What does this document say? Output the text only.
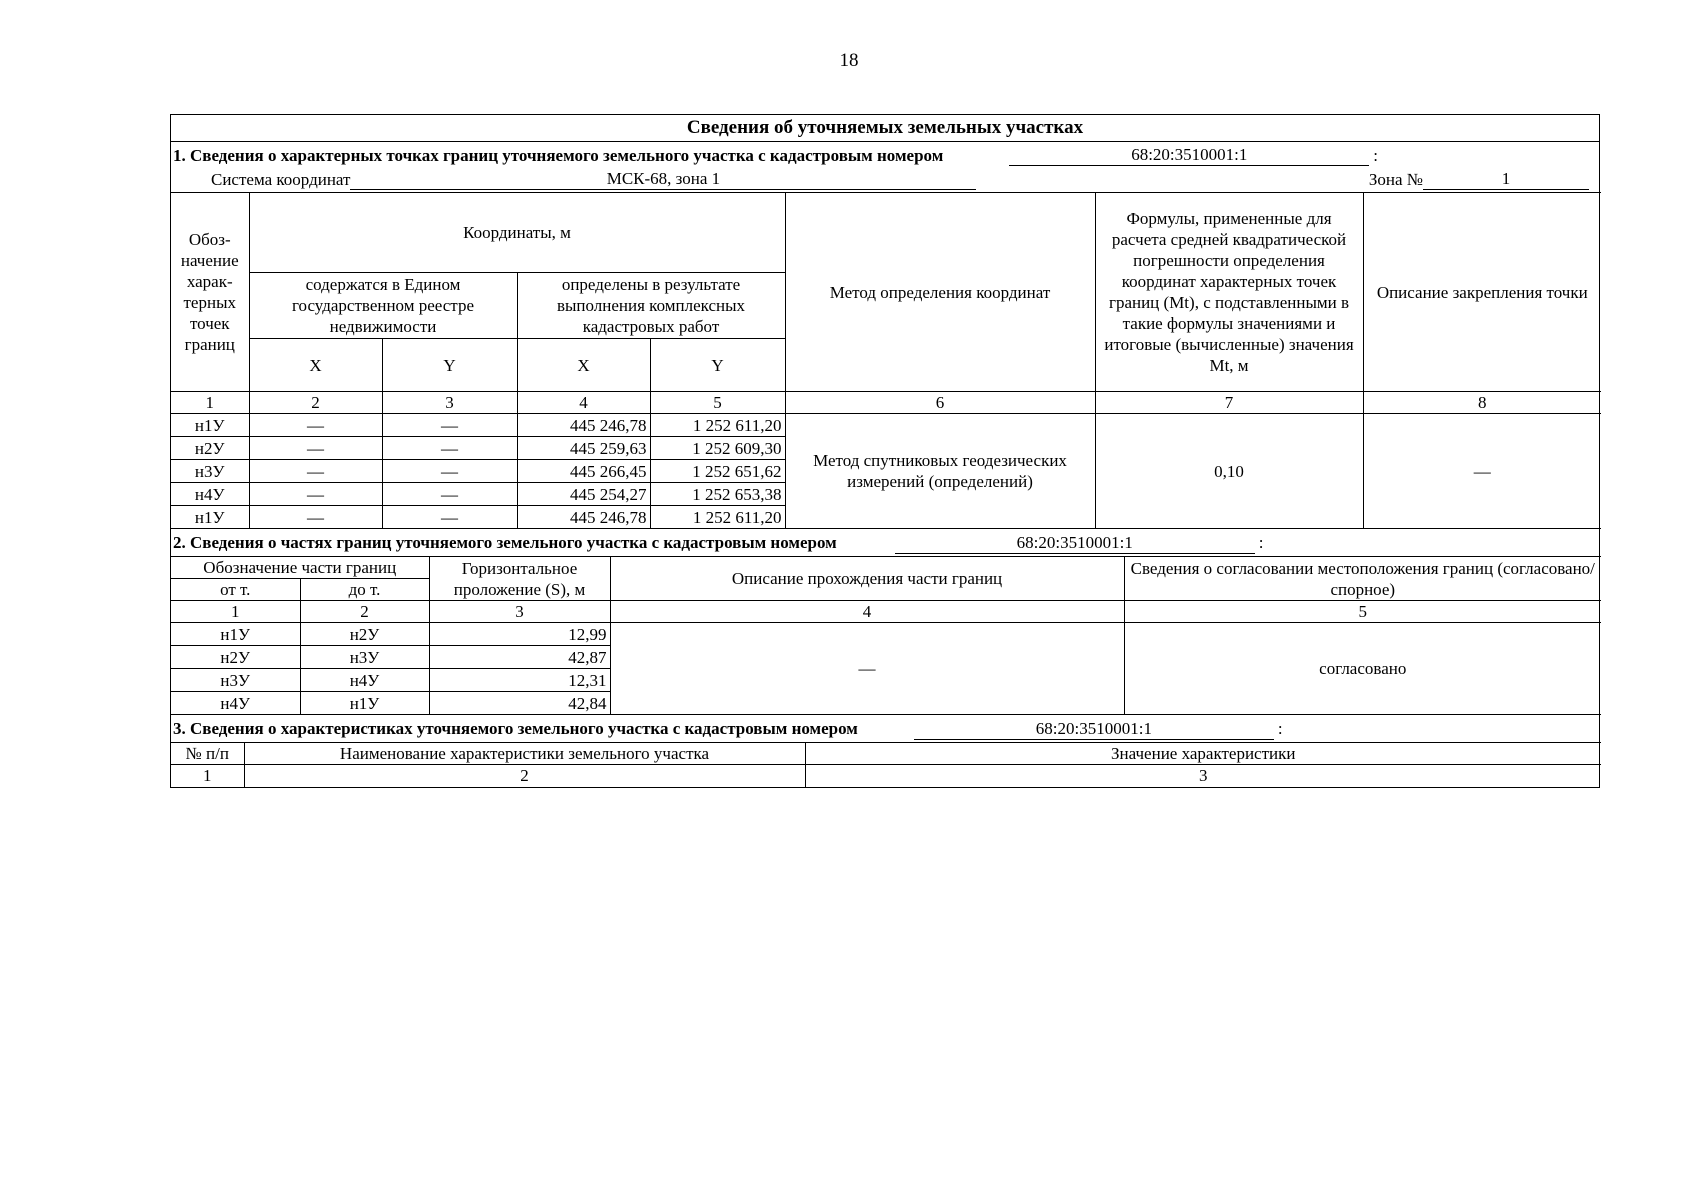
18
Сведения об уточняемых земельных участках
1. Сведения о характерных точках границ уточняемого земельного участка с кадастровым номером	68:20:3510001:1	:
Система координат	МСК-68, зона 1	Зона №	1
Обоз-начение харак-терных точек границ	Координаты, м				Метод определения координат	Формулы, примененные для расчета средней квадратической погрешности определения координат характерных точек границ (Mt), с подставленными в такие формулы значениями и итоговые (вычисленные) значения Mt, м	Описание закрепления точки
	содержатся в Едином государственном реестре недвижимости		определены в результате выполнения комплексных кадастровых работ				
	X	Y	X	Y			
1	2	3	4	5	6	7	8
н1У	—	—	445 246,78	1 252 611,20	Метод спутниковых геодезических измерений (определений)	0,10	—
н2У	—	—	445 259,63	1 252 609,30			
н3У	—	—	445 266,45	1 252 651,62			
н4У	—	—	445 254,27	1 252 653,38			
н1У	—	—	445 246,78	1 252 611,20			
2. Сведения о частях границ уточняемого земельного участка с кадастровым номером	68:20:3510001:1	:
Обозначение части границ		Горизонтальное проложение (S), м	Описание прохождения части границ	Сведения о согласовании местоположения границ (согласовано/спорное)
от т.	до т.			
1	2	3	4	5
н1У	н2У	12,99	—	согласовано
н2У	н3У	42,87		
н3У	н4У	12,31		
н4У	н1У	42,84		
3. Сведения о характеристиках уточняемого земельного участка с кадастровым номером	68:20:3510001:1	:
№ п/п	Наименование характеристики земельного участка	Значение характеристики
1	2	3
